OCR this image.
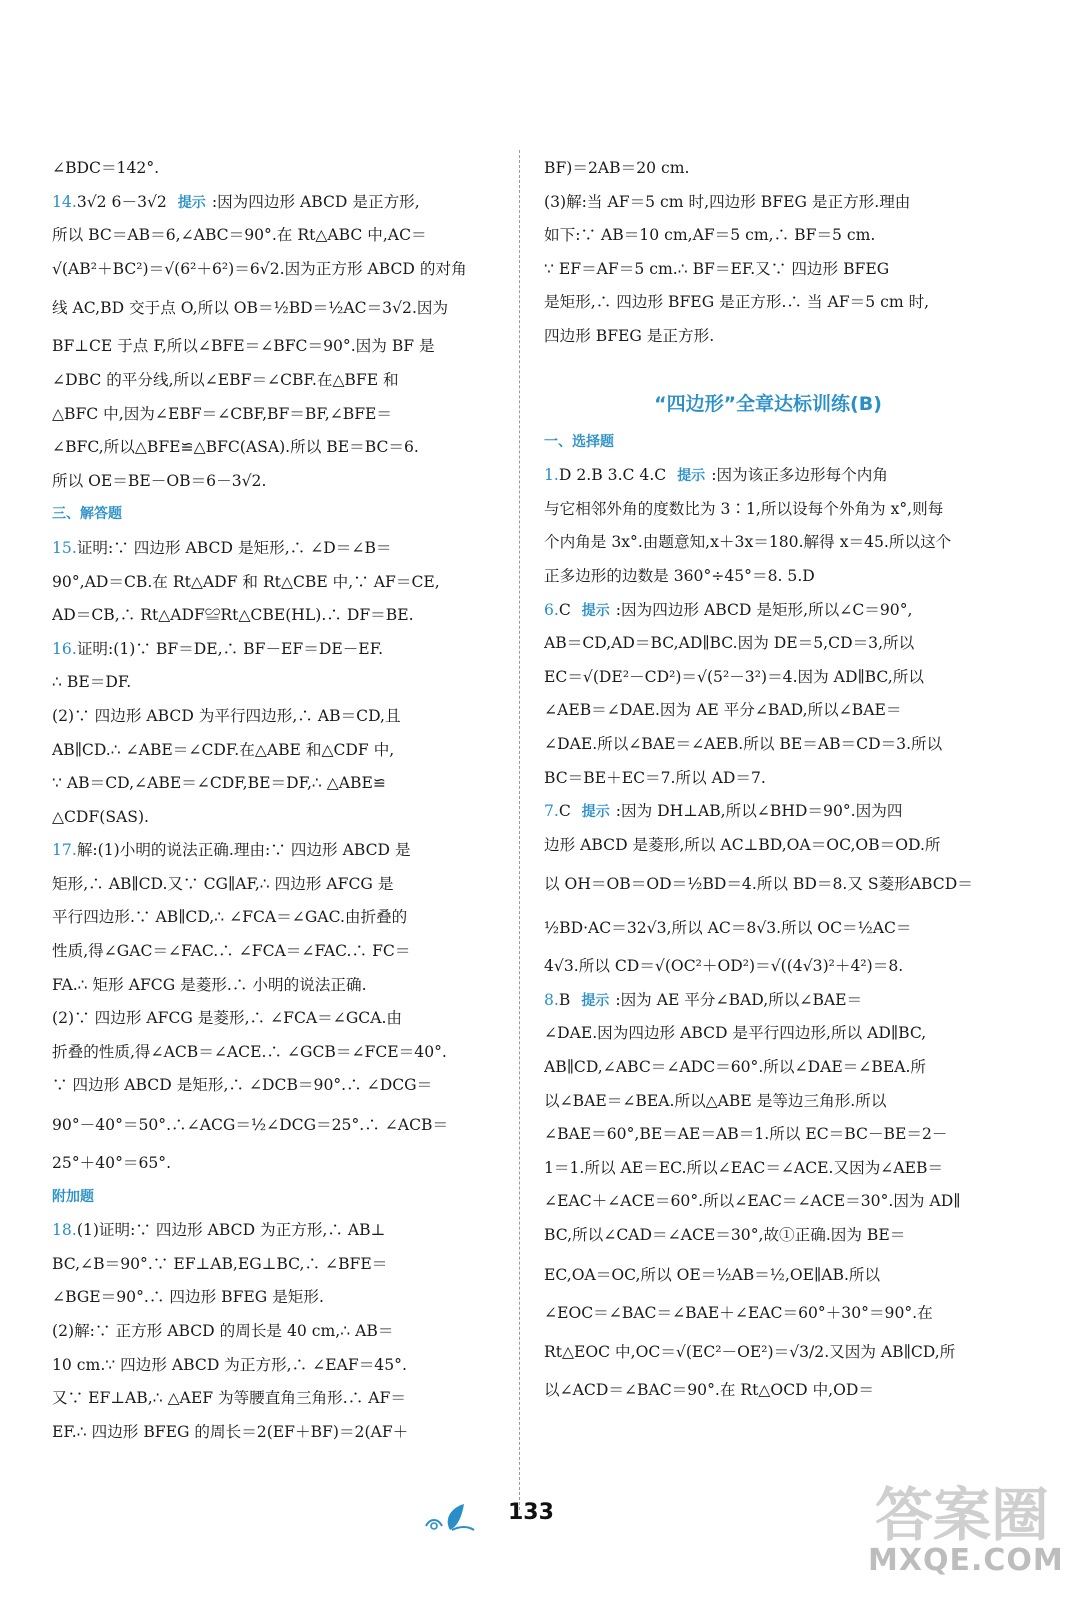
∠BDC＝142°.
14.3√2 6－3√2 提示 :因为四边形 ABCD 是正方形,
所以 BC＝AB＝6,∠ABC＝90°.在 Rt△ABC 中,AC＝
√(AB²＋BC²)＝√(6²＋6²)＝6√2.因为正方形 ABCD 的对角
线 AC,BD 交于点 O,所以 OB＝½BD＝½AC＝3√2.因为
BF⊥CE 于点 F,所以∠BFE＝∠BFC＝90°.因为 BF 是
∠DBC 的平分线,所以∠EBF＝∠CBF.在△BFE 和
△BFC 中,因为∠EBF＝∠CBF,BF＝BF,∠BFE＝
∠BFC,所以△BFE≌△BFC(ASA).所以 BE＝BC＝6.
所以 OE＝BE－OB＝6－3√2.
三、解答题
15.证明:∵ 四边形 ABCD 是矩形,∴ ∠D＝∠B＝
90°,AD＝CB.在 Rt△ADF 和 Rt△CBE 中,∵ AF＝CE,
AD＝CB,∴ Rt△ADF≌Rt△CBE(HL).∴ DF＝BE.
16.证明:(1)∵ BF＝DE,∴ BF－EF＝DE－EF.
∴ BE＝DF.
(2)∵ 四边形 ABCD 为平行四边形,∴ AB＝CD,且
AB∥CD.∴ ∠ABE＝∠CDF.在△ABE 和△CDF 中,
∵ AB＝CD,∠ABE＝∠CDF,BE＝DF,∴ △ABE≌
△CDF(SAS).
17.解:(1)小明的说法正确.理由:∵ 四边形 ABCD 是
矩形,∴ AB∥CD.又∵ CG∥AF,∴ 四边形 AFCG 是
平行四边形.∵ AB∥CD,∴ ∠FCA＝∠GAC.由折叠的
性质,得∠GAC＝∠FAC.∴ ∠FCA＝∠FAC.∴ FC＝
FA.∴ 矩形 AFCG 是菱形.∴ 小明的说法正确.
(2)∵ 四边形 AFCG 是菱形,∴ ∠FCA＝∠GCA.由
折叠的性质,得∠ACB＝∠ACE.∴ ∠GCB＝∠FCE＝40°.
∵ 四边形 ABCD 是矩形,∴ ∠DCB＝90°.∴ ∠DCG＝
90°－40°＝50°.∴∠ACG＝½∠DCG＝25°.∴ ∠ACB＝
25°＋40°＝65°.
附加题
18.(1)证明:∵ 四边形 ABCD 为正方形,∴ AB⊥
BC,∠B＝90°.∵ EF⊥AB,EG⊥BC,∴ ∠BFE＝
∠BGE＝90°.∴ 四边形 BFEG 是矩形.
(2)解:∵ 正方形 ABCD 的周长是 40 cm,∴ AB＝
10 cm.∵ 四边形 ABCD 为正方形,∴ ∠EAF＝45°.
又∵ EF⊥AB,∴ △AEF 为等腰直角三角形.∴ AF＝
EF.∴ 四边形 BFEG 的周长＝2(EF＋BF)＝2(AF＋
BF)＝2AB＝20 cm.
(3)解:当 AF＝5 cm 时,四边形 BFEG 是正方形.理由
如下:∵ AB＝10 cm,AF＝5 cm,∴ BF＝5 cm.
∵ EF＝AF＝5 cm.∴ BF＝EF.又∵ 四边形 BFEG
是矩形,∴ 四边形 BFEG 是正方形.∴ 当 AF＝5 cm 时,
四边形 BFEG 是正方形.
“四边形”全章达标训练(B)
一、选择题
1.D 2.B 3.C 4.C 提示 :因为该正多边形每个内角
与它相邻外角的度数比为 3∶1,所以设每个外角为 x°,则每
个内角是 3x°.由题意知,x＋3x＝180.解得 x＝45.所以这个
正多边形的边数是 360°÷45°＝8. 5.D
6.C 提示 :因为四边形 ABCD 是矩形,所以∠C＝90°,
AB＝CD,AD＝BC,AD∥BC.因为 DE＝5,CD＝3,所以
EC＝√(DE²－CD²)＝√(5²－3²)＝4.因为 AD∥BC,所以
∠AEB＝∠DAE.因为 AE 平分∠BAD,所以∠BAE＝
∠DAE.所以∠BAE＝∠AEB.所以 BE＝AB＝CD＝3.所以
BC＝BE＋EC＝7.所以 AD＝7.
7.C 提示 :因为 DH⊥AB,所以∠BHD＝90°.因为四
边形 ABCD 是菱形,所以 AC⊥BD,OA＝OC,OB＝OD.所
以 OH＝OB＝OD＝½BD＝4.所以 BD＝8.又 S菱形ABCD＝
½BD·AC＝32√3,所以 AC＝8√3.所以 OC＝½AC＝
4√3.所以 CD＝√(OC²＋OD²)＝√((4√3)²＋4²)＝8.
8.B 提示 :因为 AE 平分∠BAD,所以∠BAE＝
∠DAE.因为四边形 ABCD 是平行四边形,所以 AD∥BC,
AB∥CD,∠ABC＝∠ADC＝60°.所以∠DAE＝∠BEA.所
以∠BAE＝∠BEA.所以△ABE 是等边三角形.所以
∠BAE＝60°,BE＝AE＝AB＝1.所以 EC＝BC－BE＝2－
1＝1.所以 AE＝EC.所以∠EAC＝∠ACE.又因为∠AEB＝
∠EAC＋∠ACE＝60°.所以∠EAC＝∠ACE＝30°.因为 AD∥
BC,所以∠CAD＝∠ACE＝30°,故①正确.因为 BE＝
EC,OA＝OC,所以 OE＝½AB＝½,OE∥AB.所以
∠EOC＝∠BAC＝∠BAE＋∠EAC＝60°＋30°＝90°.在
Rt△EOC 中,OC＝√(EC²－OE²)＝√3/2.又因为 AB∥CD,所
以∠ACD＝∠BAC＝90°.在 Rt△OCD 中,OD＝
133	答案圈
MXQE.COM
